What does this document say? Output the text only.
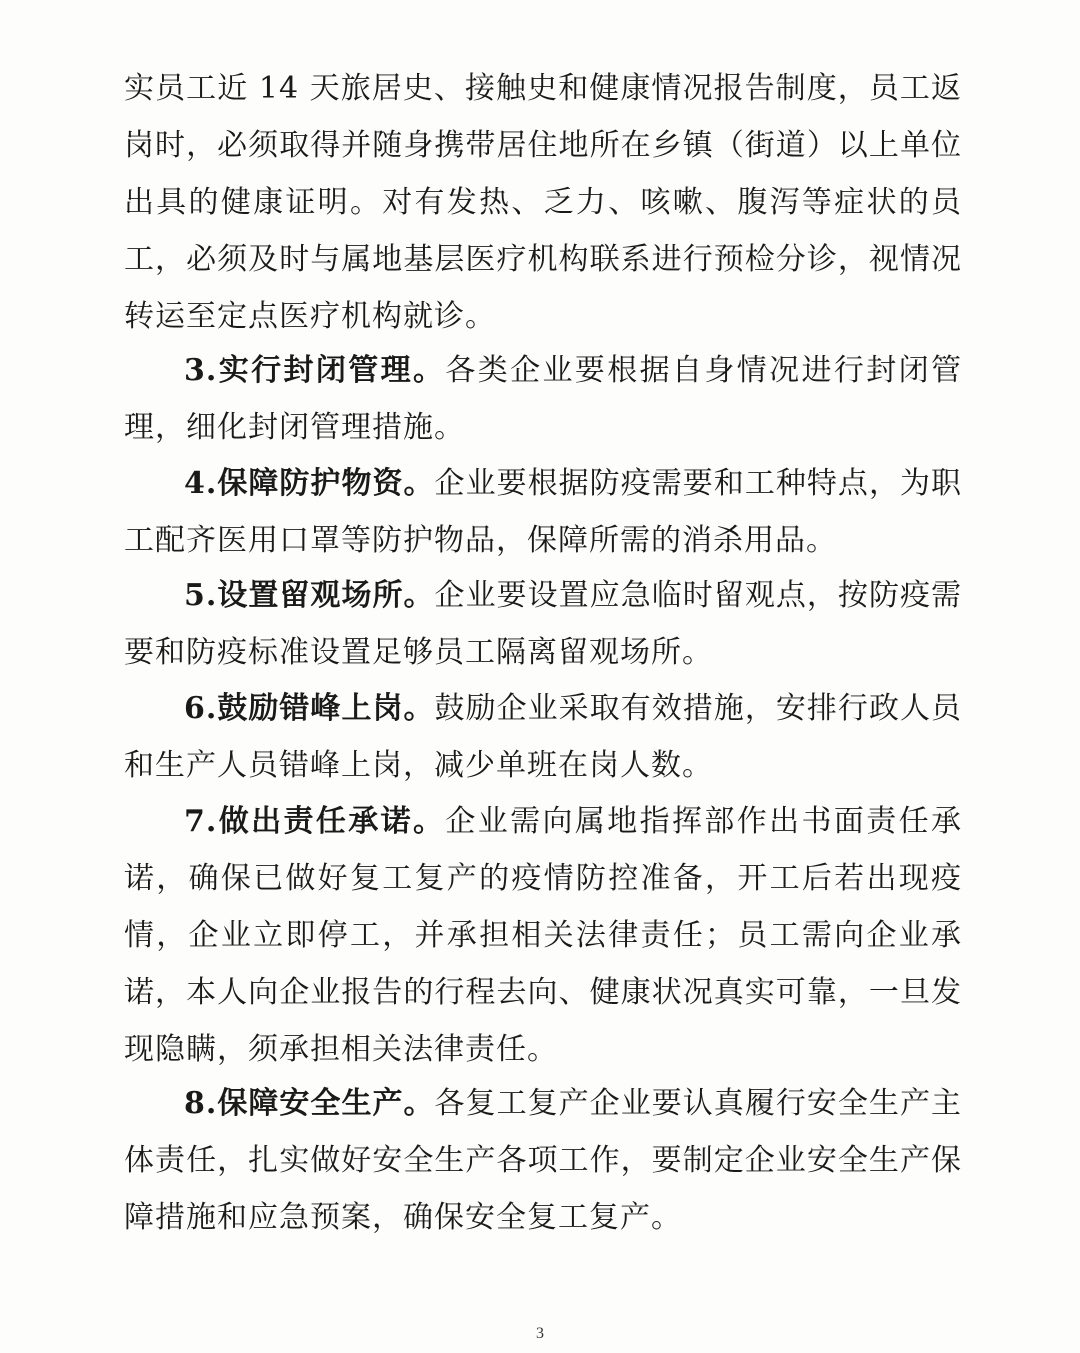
实员工近 14 天旅居史、接触史和健康情况报告制度，员工返岗时，必须取得并随身携带居住地所在乡镇（街道）以上单位出具的健康证明。对有发热、乏力、咳嗽、腹泻等症状的员工，必须及时与属地基层医疗机构联系进行预检分诊，视情况转运至定点医疗机构就诊。

3.实行封闭管理。各类企业要根据自身情况进行封闭管理，细化封闭管理措施。

4.保障防护物资。企业要根据防疫需要和工种特点，为职工配齐医用口罩等防护物品，保障所需的消杀用品。

5.设置留观场所。企业要设置应急临时留观点，按防疫需要和防疫标准设置足够员工隔离留观场所。

6.鼓励错峰上岗。鼓励企业采取有效措施，安排行政人员和生产人员错峰上岗，减少单班在岗人数。

7.做出责任承诺。企业需向属地指挥部作出书面责任承诺，确保已做好复工复产的疫情防控准备，开工后若出现疫情，企业立即停工，并承担相关法律责任；员工需向企业承诺，本人向企业报告的行程去向、健康状况真实可靠，一旦发现隐瞒，须承担相关法律责任。

8.保障安全生产。各复工复产企业要认真履行安全生产主体责任，扎实做好安全生产各项工作，要制定企业安全生产保障措施和应急预案，确保安全复工复产。

3
